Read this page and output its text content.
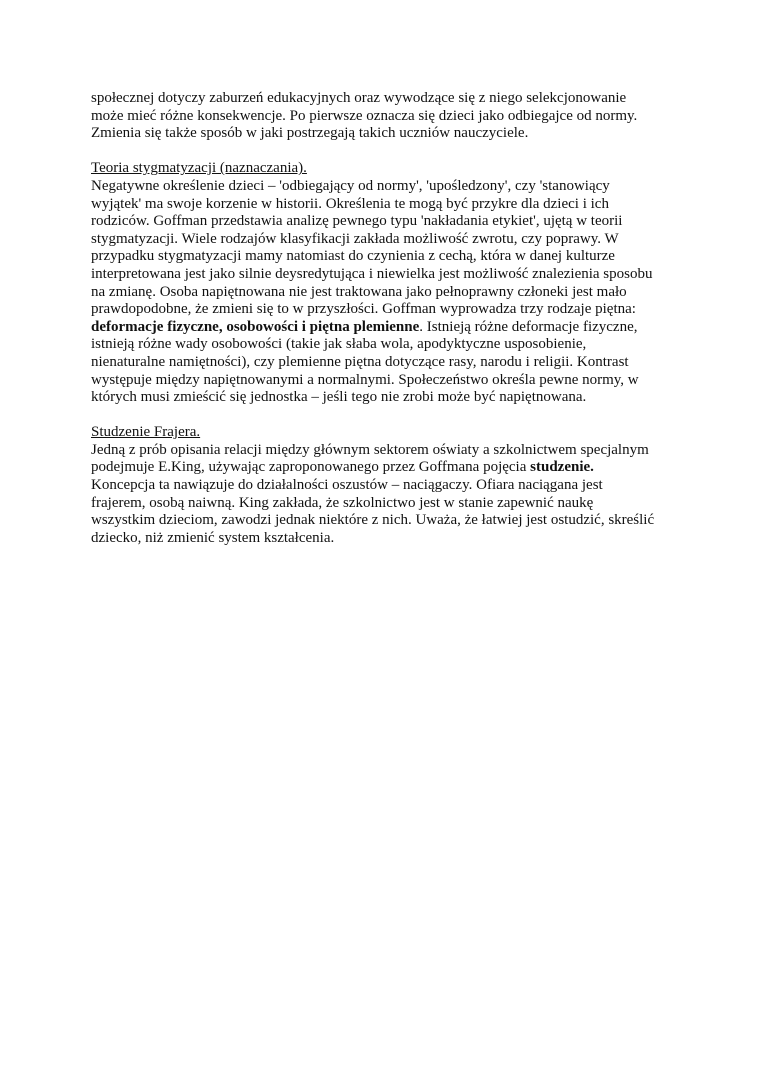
społecznej dotyczy zaburzeń edukacyjnych oraz wywodzące się z niego selekcjonowanie
może mieć różne konsekwencje. Po pierwsze oznacza się dzieci jako odbiegajce od normy.
Zmienia się także sposób w jaki postrzegają takich uczniów nauczyciele.
Teoria stygmatyzacji (naznaczania).
Negatywne określenie dzieci – 'odbiegający od normy', 'upośledzony', czy 'stanowiący
wyjątek' ma swoje korzenie w historii. Określenia te mogą być przykre dla dzieci i ich
rodziców. Goffman przedstawia analizę pewnego typu 'nakładania etykiet', ujętą w teorii
stygmatyzacji. Wiele rodzajów klasyfikacji zakłada możliwość zwrotu, czy poprawy. W
przypadku stygmatyzacji mamy natomiast do czynienia z cechą, która w danej kulturze
interpretowana jest jako silnie deysredytująca i niewielka jest możliwość znalezienia sposobu
na zmianę. Osoba napiętnowana nie jest traktowana jako pełnoprawny członeki jest mało
prawdopodobne, że zmieni się to w przyszłości. Goffman wyprowadza trzy rodzaje piętna:
deformacje fizyczne, osobowości i piętna plemienne. Istnieją różne deformacje fizyczne,
istnieją różne wady osobowości (takie jak słaba wola, apodyktyczne usposobienie,
nienaturalne namiętności), czy plemienne piętna dotyczące rasy, narodu i religii. Kontrast
występuje między napiętnowanymi a normalnymi. Społeczeństwo określa pewne normy, w
których musi zmieścić się jednostka – jeśli tego nie zrobi może być napiętnowana.
Studzenie Frajera.
Jedną z prób opisania relacji między głównym sektorem oświaty a szkolnictwem specjalnym
podejmuje E.King, używając zaproponowanego przez Goffmana pojęcia studzenie.
Koncepcja ta nawiązuje do działalności oszustów – naciągaczy. Ofiara naciągana jest
frajerem, osobą naiwną. King zakłada, że szkolnictwo jest w stanie zapewnić naukę
wszystkim dzieciom, zawodzi jednak niektóre z nich. Uważa, że łatwiej jest ostudzić, skreślić
dziecko, niż zmienić system kształcenia.
